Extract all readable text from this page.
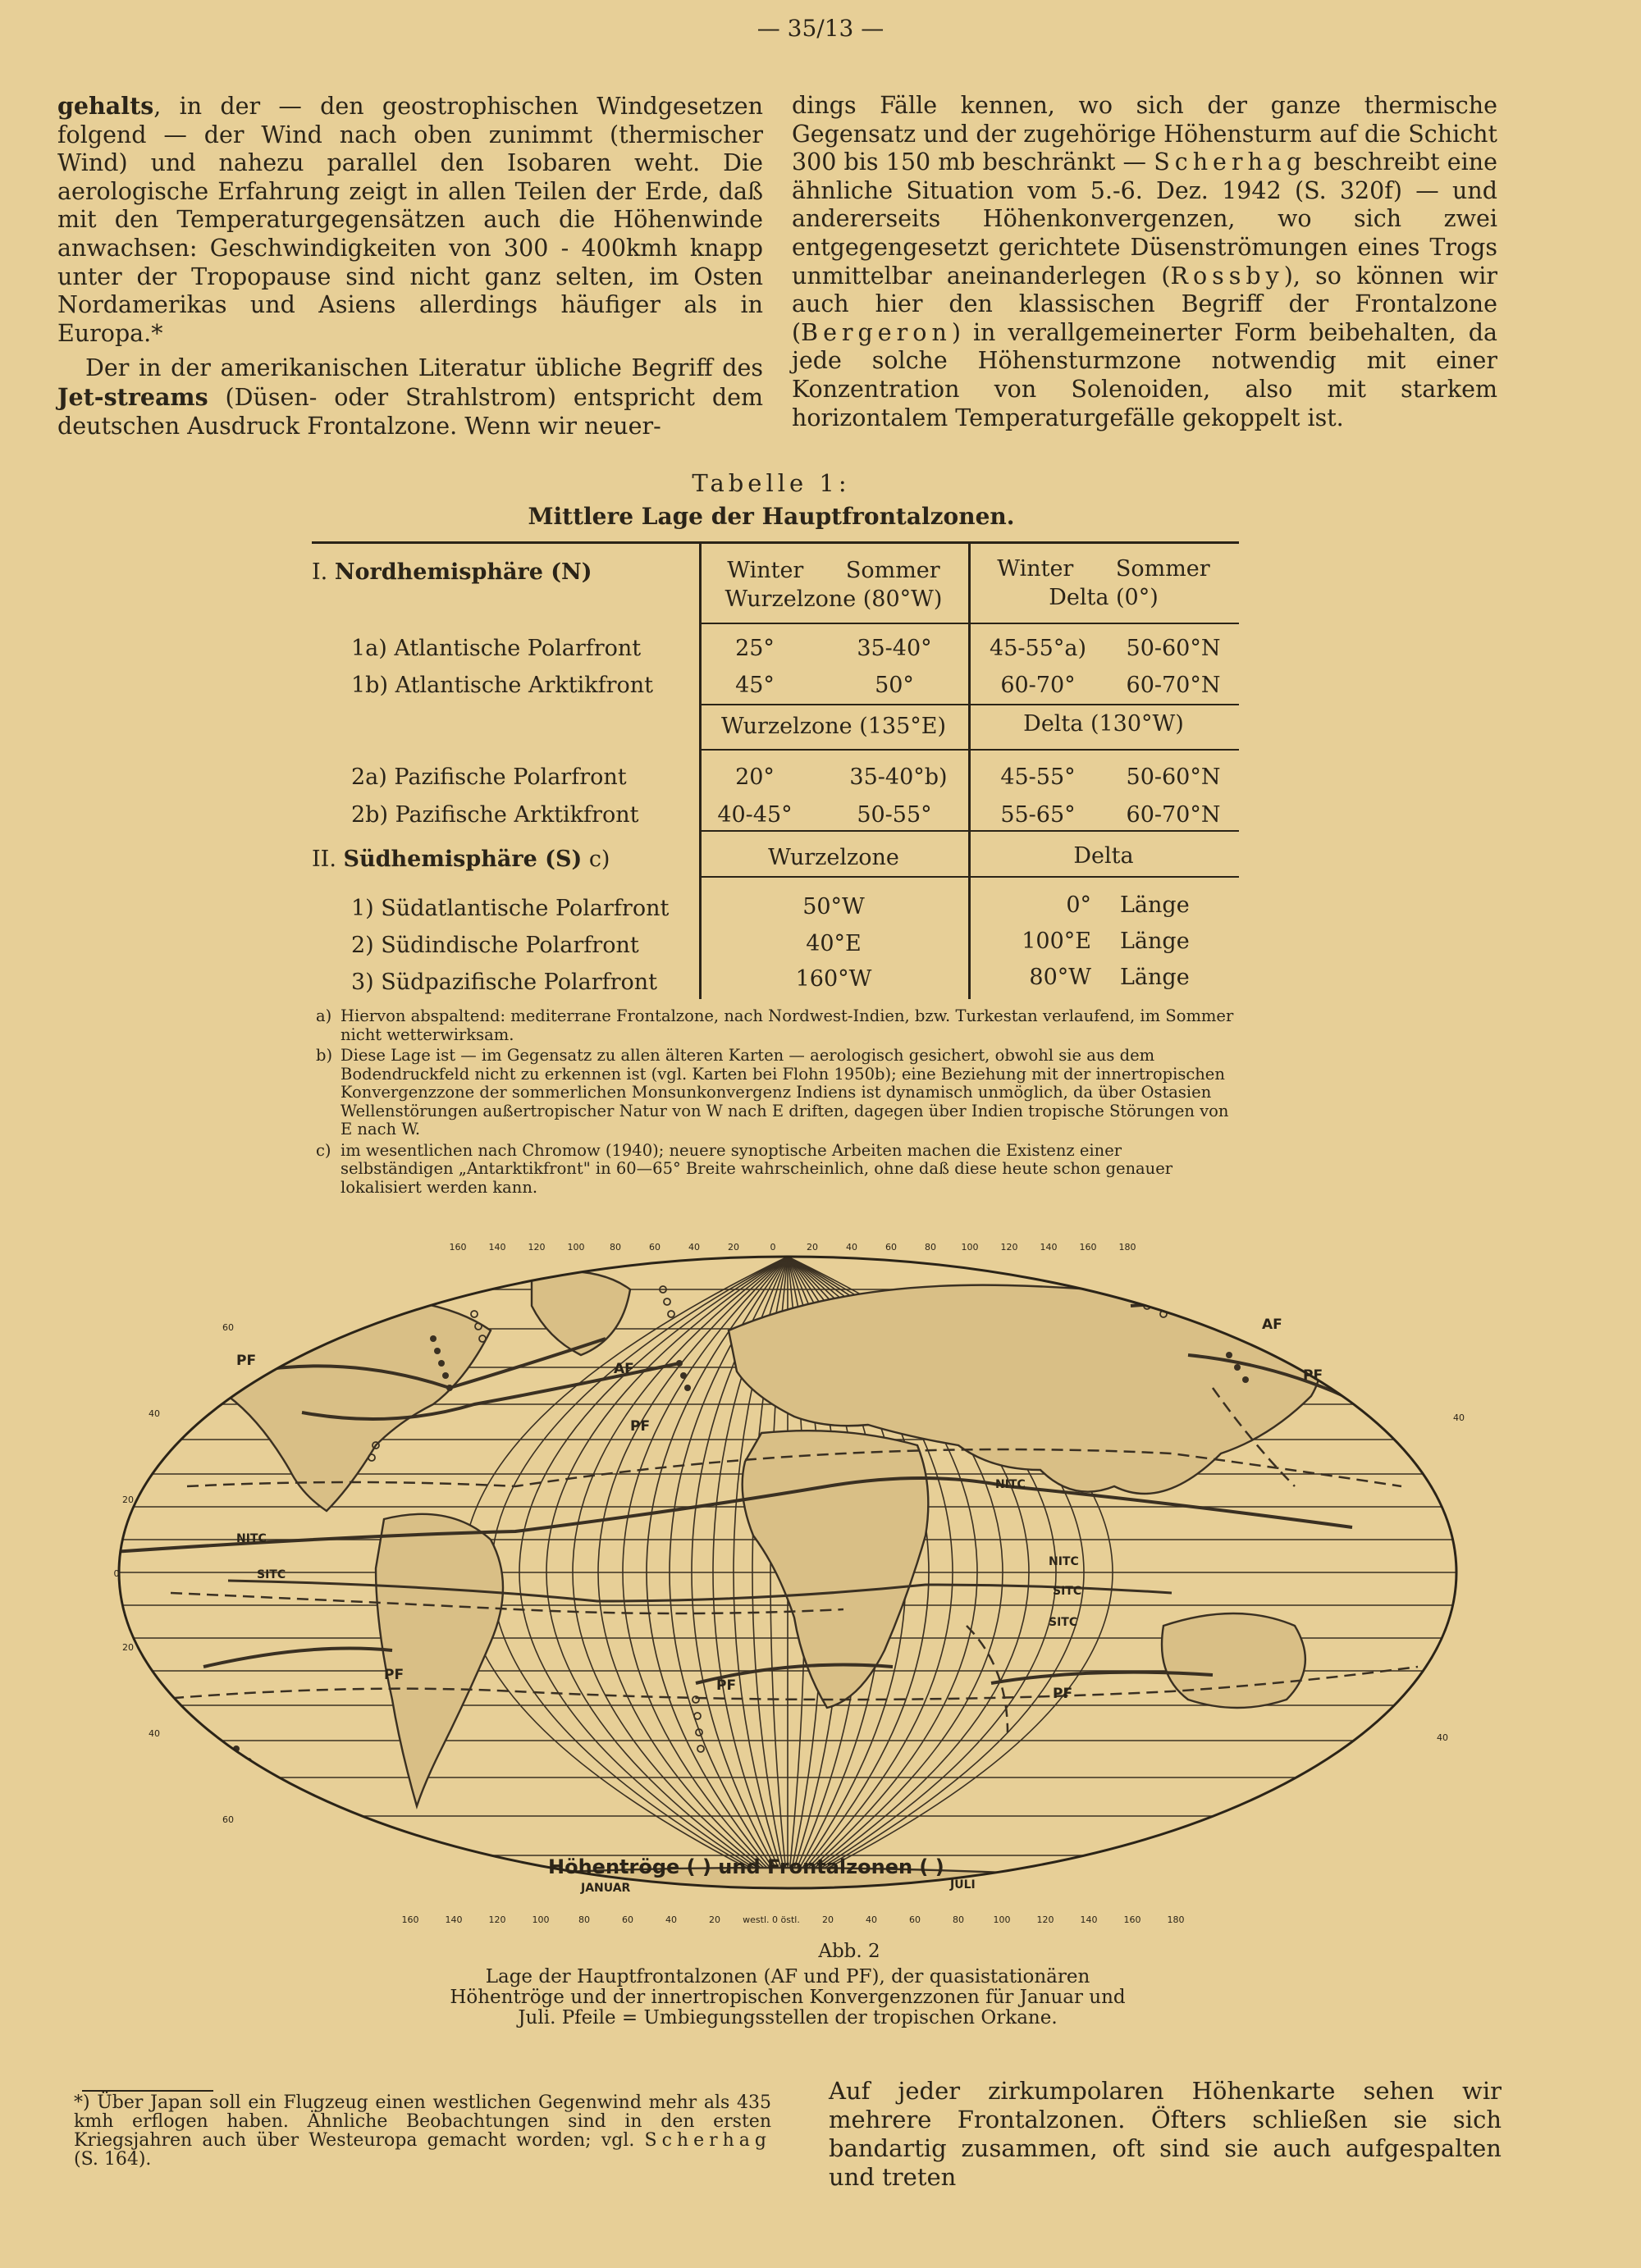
— 35/13 —

gehalts, in der — den geostrophischen Windgesetzen folgend — der Wind nach oben zunimmt (thermischer Wind) und nahezu parallel den Isobaren weht. Die aerologische Erfahrung zeigt in allen Teilen der Erde, daß mit den Temperaturgegensätzen auch die Höhenwinde anwachsen: Geschwindigkeiten von 300 - 400kmh knapp unter der Tropopause sind nicht ganz selten, im Osten Nordamerikas und Asiens allerdings häufiger als in Europa.*

Der in der amerikanischen Literatur übliche Begriff des Jet-streams (Düsen- oder Strahlstrom) entspricht dem deutschen Ausdruck Frontalzone. Wenn wir neuer-

dings Fälle kennen, wo sich der ganze thermische Gegensatz und der zugehörige Höhensturm auf die Schicht 300 bis 150 mb beschränkt — Scherhag beschreibt eine ähnliche Situation vom 5.-6. Dez. 1942 (S. 320f) — und andererseits Höhenkonvergenzen, wo sich zwei entgegengesetzt gerichtete Düsenströmungen eines Trogs unmittelbar aneinanderlegen (Rossby), so können wir auch hier den klassischen Begriff der Frontalzone (Bergeron) in verallgemeinerter Form beibehalten, da jede solche Höhensturmzone notwendig mit einer Konzentration von Solenoiden, also mit starkem horizontalem Temperaturgefälle gekoppelt ist.

Tabelle 1:
Mittlere Lage der Hauptfrontalzonen.
I. Nordhemisphäre (N)	Winter Sommer
Wurzelzone (80°W)
Winter Sommer
Delta (0°)
1a) Atlantische Polarfront	25°	35-40°	45-55°a)	50-60°N
1b) Atlantische Arktikfront	45°	50°	60-70°	60-70°N
Wurzelzone (135°E)	Delta (130°W)
2a) Pazifische Polarfront	20°	35-40°b)	45-55°	50-60°N
2b) Pazifische Arktikfront	40-45°	50-55°	55-65°	60-70°N
II. Südhemisphäre (S) c)	Wurzelzone	Delta
1) Südatlantische Polarfront	50°W	0° Länge
2) Südindische Polarfront	40°E	100°E Länge
3) Südpazifische Polarfront	160°W	80°W Länge
a) Hiervon abspaltend: mediterrane Frontalzone, nach Nordwest-Indien, bzw. Turkestan verlaufend, im Sommer nicht wetterwirksam.
b) Diese Lage ist — im Gegensatz zu allen älteren Karten — aerologisch gesichert, obwohl sie aus dem Bodendruckfeld nicht zu erkennen ist (vgl. Karten bei Flohn 1950b); eine Beziehung mit der innertropischen Konvergenzzone der sommerlichen Monsunkonvergenz Indiens ist dynamisch unmöglich, da über Ostasien Wellenstörungen außertropischer Natur von W nach E driften, dagegen über Indien tropische Störungen von E nach W.
c) im wesentlichen nach Chromow (1940); neuere synoptische Arbeiten machen die Existenz einer selbständigen „Antarktikfront" in 60—65° Breite wahrscheinlich, ohne daß diese heute schon genauer lokalisiert werden kann.
160 140 120 100	80	60	40	20	0	20	40	60	80	100 120 140 160 180
160	140	120	100	80	60	40	20 westl. 0 östl. 20	40	60	80	100	120	140	160	180
60
40
20
0
20
40
60
40
40
AF
AF
PF
PF
PF
PF
PF	PF
NITC
NITC
NITC
SITC
SITC
SITC
Höhentröge ( ) und Frontalzonen ( )
JANUAR	JULI
Abb. 2
Lage der Hauptfrontalzonen (AF und PF), der quasistationären Höhentröge und der innertropischen Konvergenzzonen für Januar und Juli. Pfeile = Umbiegungsstellen der tropischen Orkane.
*) Über Japan soll ein Flugzeug einen westlichen Gegenwind mehr als 435 kmh erflogen haben. Ähnliche Beobachtungen sind in den ersten Kriegsjahren auch über Westeuropa gemacht worden; vgl. Scherhag (S. 164).
Auf jeder zirkumpolaren Höhenkarte sehen wir mehrere Frontalzonen. Öfters schließen sie sich bandartig zusammen, oft sind sie auch aufgespalten und treten
